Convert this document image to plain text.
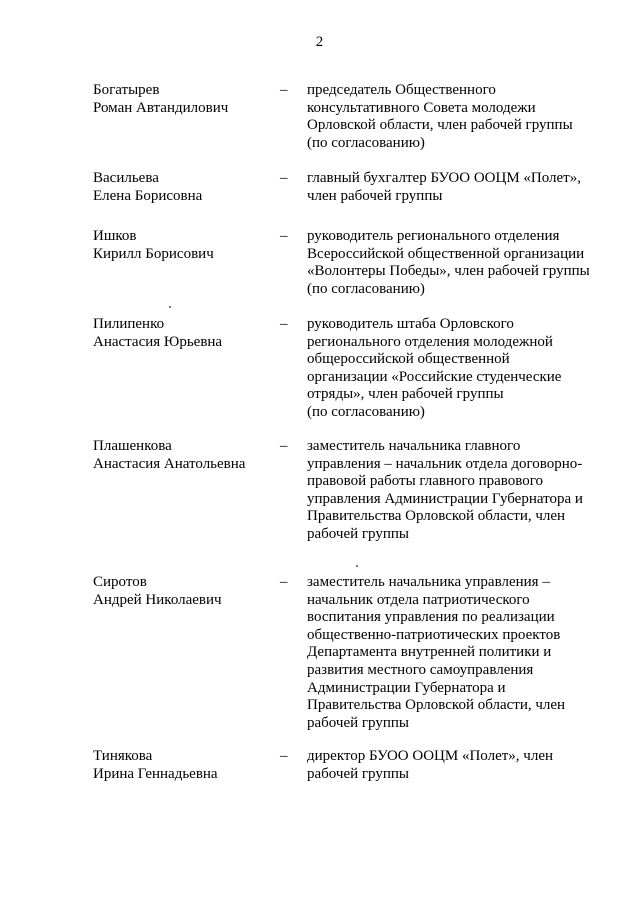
2
Богатырев
Роман Автандилович
– председатель Общественного
консультативного Совета молодежи
Орловской области, член рабочей группы
(по согласованию)
Васильева
Елена Борисовна
– главный бухгалтер БУОО ООЦМ «Полет»,
член рабочей группы
Ишков
Кирилл Борисович
– руководитель регионального отделения
Всероссийской общественной организации
«Волонтеры Победы», член рабочей группы
(по согласованию)
Пилипенко
Анастасия Юрьевна
– руководитель штаба Орловского
регионального отделения молодежной
общероссийской общественной
организации «Российские студенческие
отряды», член рабочей группы
(по согласованию)
Плашенкова
Анастасия Анатольевна
– заместитель начальника главного
управления – начальник отдела договорно-
правовой работы главного правового
управления Администрации Губернатора и
Правительства Орловской области, член
рабочей группы
Сиротов
Андрей Николаевич
– заместитель начальника управления –
начальник отдела патриотического
воспитания управления по реализации
общественно-патриотических проектов
Департамента внутренней политики и
развития местного самоуправления
Администрации Губернатора и
Правительства Орловской области, член
рабочей группы
Тинякова
Ирина Геннадьевна
– директор БУОО ООЦМ «Полет», член
рабочей группы
